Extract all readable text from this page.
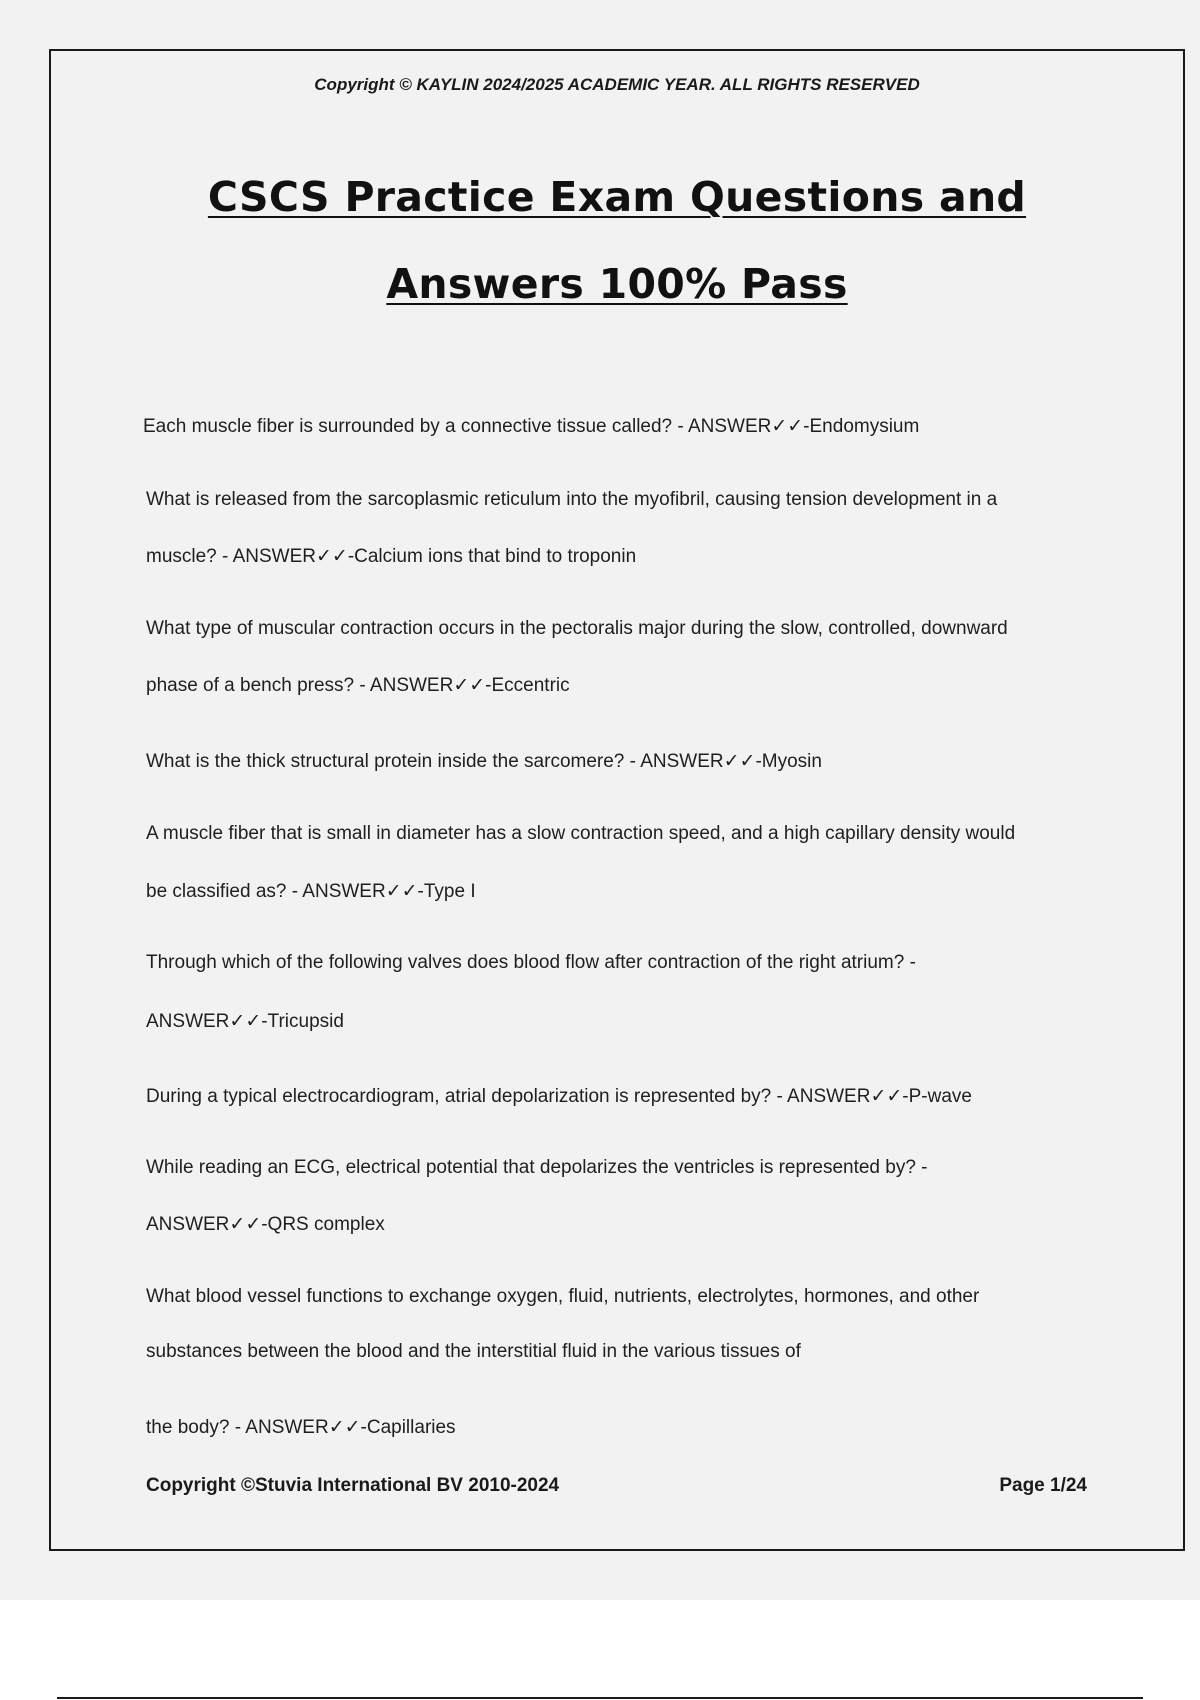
Copyright © KAYLIN 2024/2025 ACADEMIC YEAR. ALL RIGHTS RESERVED
CSCS Practice Exam Questions and
Answers 100% Pass
Each muscle fiber is surrounded by a connective tissue called? - ANSWER✓✓-Endomysium
What is released from the sarcoplasmic reticulum into the myofibril, causing tension development in a
muscle? - ANSWER✓✓-Calcium ions that bind to troponin
What type of muscular contraction occurs in the pectoralis major during the slow, controlled, downward
phase of a bench press? - ANSWER✓✓-Eccentric
What is the thick structural protein inside the sarcomere? - ANSWER✓✓-Myosin
A muscle fiber that is small in diameter has a slow contraction speed, and a high capillary density would
be classified as? - ANSWER✓✓-Type I
Through which of the following valves does blood flow after contraction of the right atrium? -
ANSWER✓✓-Tricupsid
During a typical electrocardiogram, atrial depolarization is represented by? - ANSWER✓✓-P-wave
While reading an ECG, electrical potential that depolarizes the ventricles is represented by? -
ANSWER✓✓-QRS complex
What blood vessel functions to exchange oxygen, fluid, nutrients, electrolytes, hormones, and other
substances between the blood and the interstitial fluid in the various tissues of
the body? - ANSWER✓✓-Capillaries
Copyright ©Stuvia International BV 2010-2024	Page 1/24
